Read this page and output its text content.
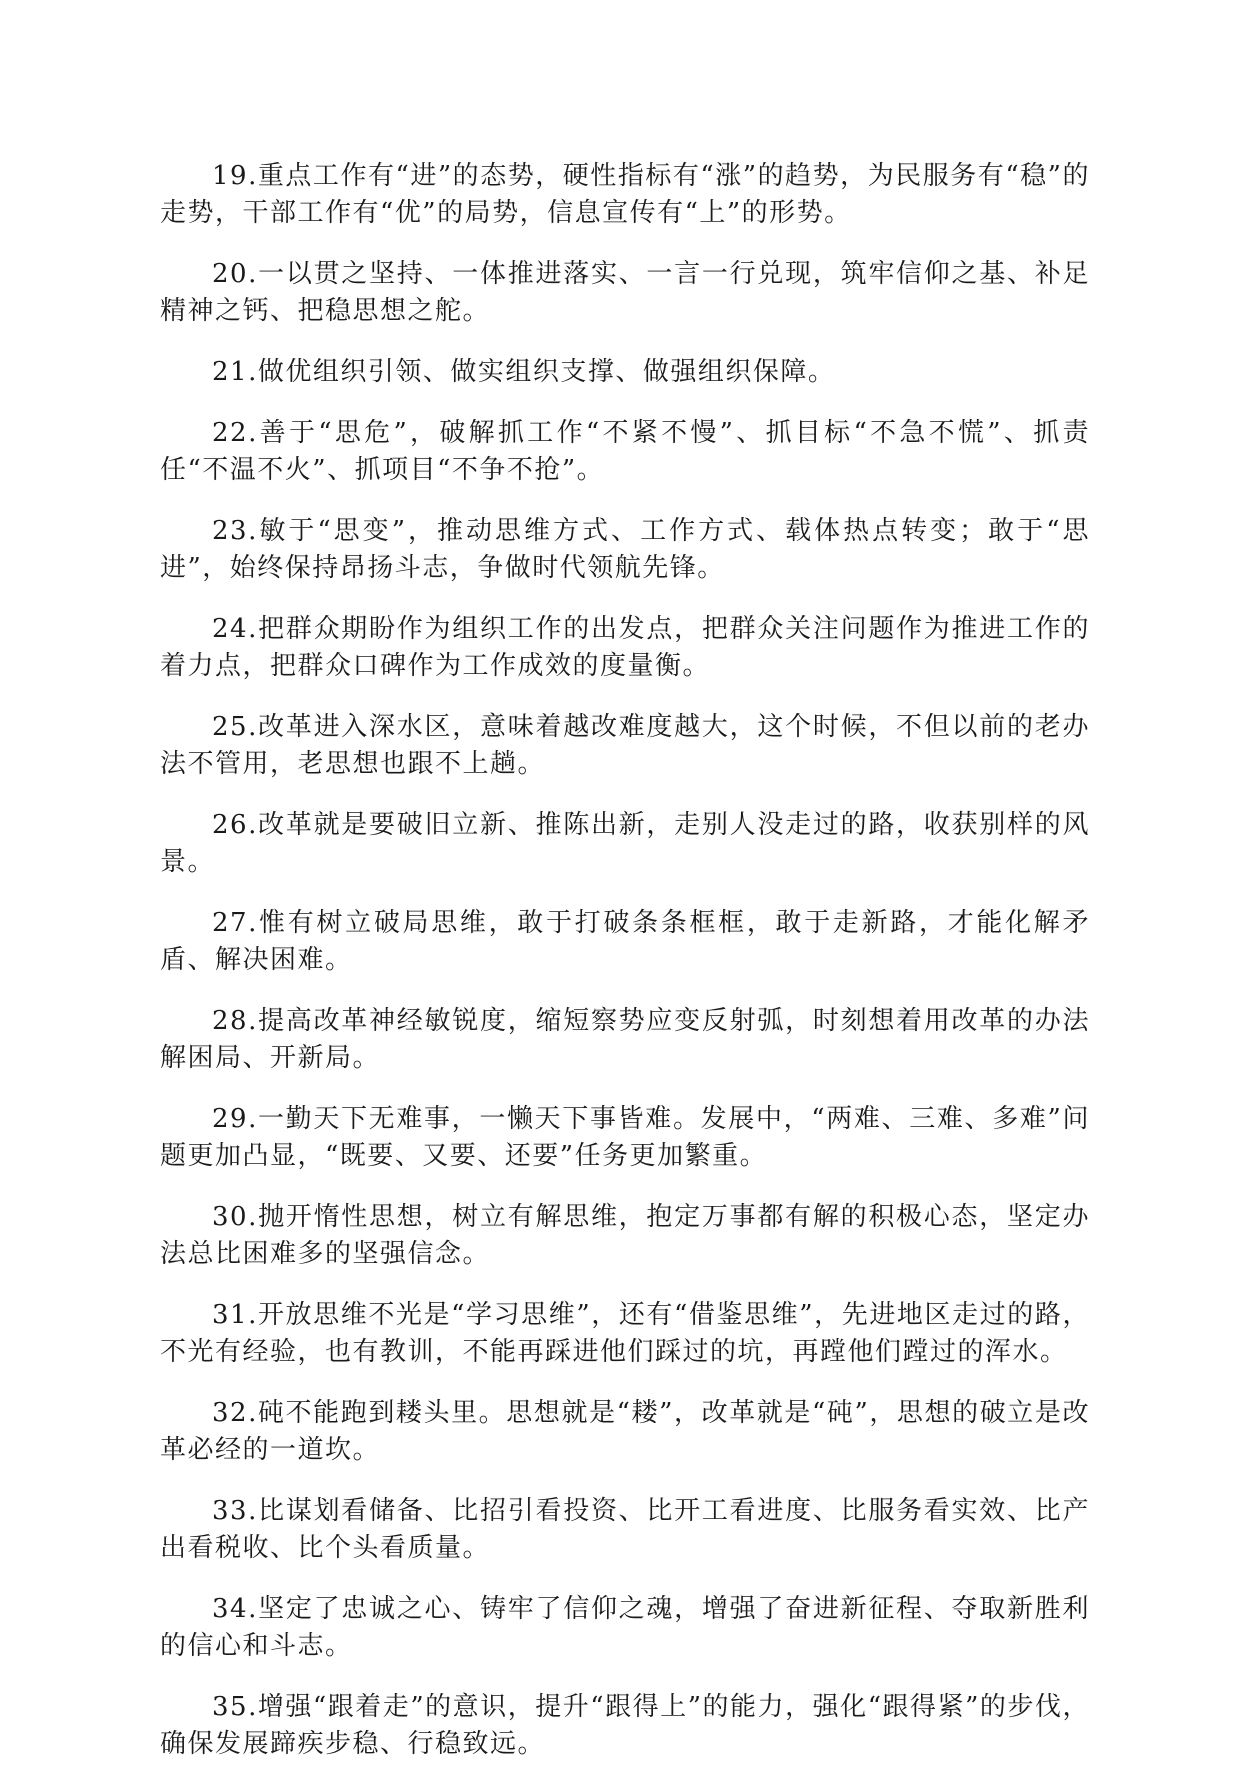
19.重点工作有“进”的态势，硬性指标有“涨”的趋势，为民服务有“稳”的走势，干部工作有“优”的局势，信息宣传有“上”的形势。

20.一以贯之坚持、一体推进落实、一言一行兑现，筑牢信仰之基、补足精神之钙、把稳思想之舵。

21.做优组织引领、做实组织支撑、做强组织保障。

22.善于“思危”，破解抓工作“不紧不慢”、抓目标“不急不慌”、抓责任“不温不火”、抓项目“不争不抢”。

23.敏于“思变”，推动思维方式、工作方式、载体热点转变；敢于“思进”，始终保持昂扬斗志，争做时代领航先锋。

24.把群众期盼作为组织工作的出发点，把群众关注问题作为推进工作的着力点，把群众口碑作为工作成效的度量衡。

25.改革进入深水区，意味着越改难度越大，这个时候，不但以前的老办法不管用，老思想也跟不上趟。

26.改革就是要破旧立新、推陈出新，走别人没走过的路，收获别样的风景。

27.惟有树立破局思维，敢于打破条条框框，敢于走新路，才能化解矛盾、解决困难。

28.提高改革神经敏锐度，缩短察势应变反射弧，时刻想着用改革的办法解困局、开新局。

29.一勤天下无难事，一懒天下事皆难。发展中，“两难、三难、多难”问题更加凸显，“既要、又要、还要”任务更加繁重。

30.抛开惰性思想，树立有解思维，抱定万事都有解的积极心态，坚定办法总比困难多的坚强信念。

31.开放思维不光是“学习思维”，还有“借鉴思维”，先进地区走过的路，不光有经验，也有教训，不能再踩进他们踩过的坑，再蹚他们蹚过的浑水。

32.砘不能跑到耧头里。思想就是“耧”，改革就是“砘”，思想的破立是改革必经的一道坎。

33.比谋划看储备、比招引看投资、比开工看进度、比服务看实效、比产出看税收、比个头看质量。

34.坚定了忠诚之心、铸牢了信仰之魂，增强了奋进新征程、夺取新胜利的信心和斗志。

35.增强“跟着走”的意识，提升“跟得上”的能力，强化“跟得紧”的步伐，确保发展蹄疾步稳、行稳致远。
